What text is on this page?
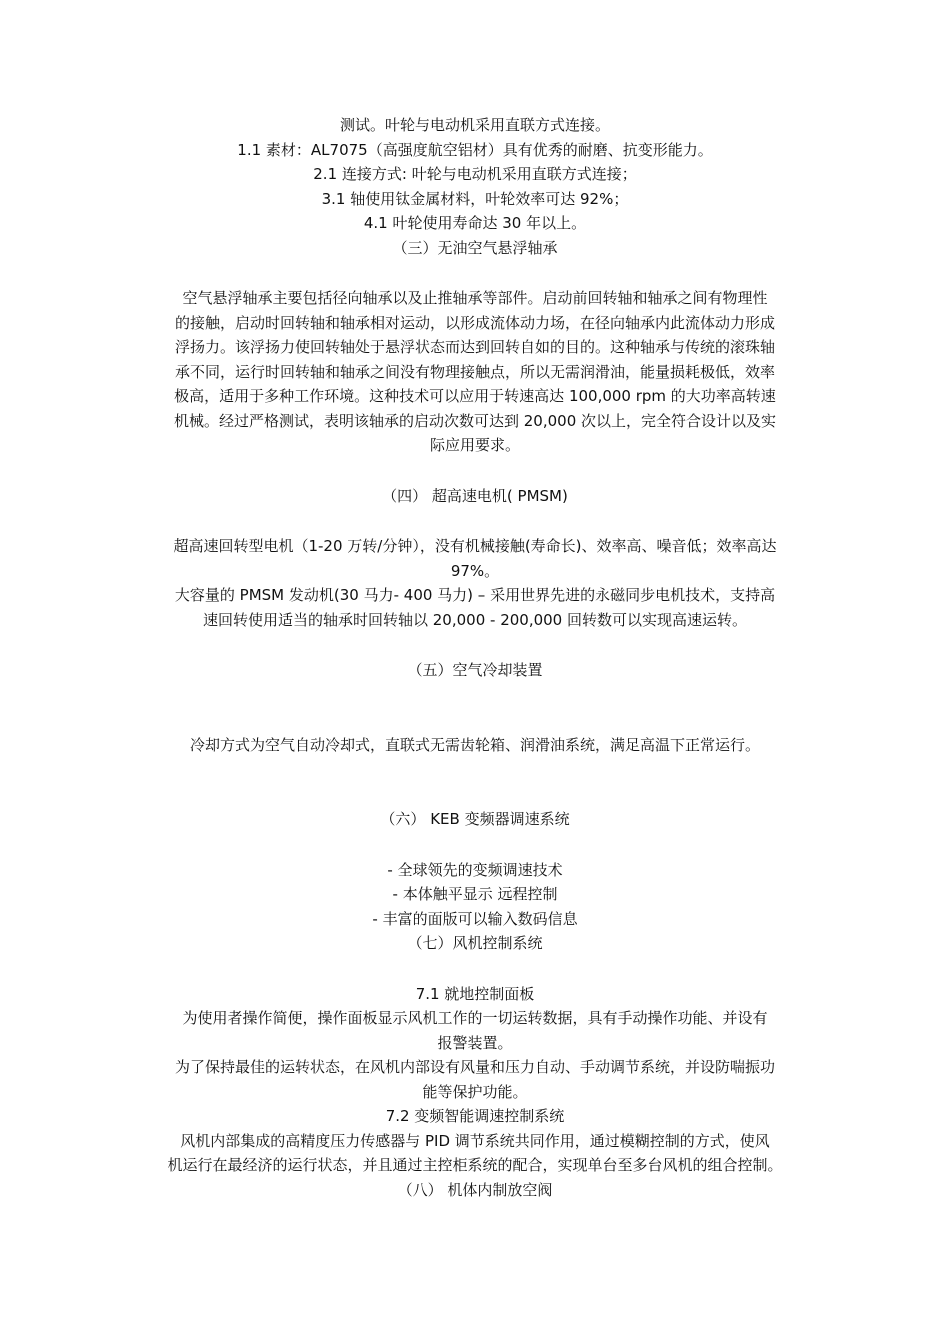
测试。叶轮与电动机采用直联方式连接。
1.1 素材：AL7075（高强度航空铝材）具有优秀的耐磨、抗变形能力。
2.1 连接方式: 叶轮与电动机采用直联方式连接；
3.1 轴使用钛金属材料，叶轮效率可达 92%；
4.1 叶轮使用寿命达 30 年以上。
（三）无油空气悬浮轴承
空气悬浮轴承主要包括径向轴承以及止推轴承等部件。启动前回转轴和轴承之间有物理性
的接触，启动时回转轴和轴承相对运动，以形成流体动力场，在径向轴承内此流体动力形成
浮扬力。该浮扬力使回转轴处于悬浮状态而达到回转自如的目的。这种轴承与传统的滚珠轴
承不同，运行时回转轴和轴承之间没有物理接触点，所以无需润滑油，能量损耗极低，效率
极高，适用于多种工作环境。这种技术可以应用于转速高达 100,000 rpm 的大功率高转速
机械。经过严格测试，表明该轴承的启动次数可达到 20,000 次以上，完全符合设计以及实
际应用要求。
（四） 超高速电机( PMSM)
超高速回转型电机（1-20 万转/分钟），没有机械接触(寿命长)、效率高、噪音低；效率高达
97%。
大容量的 PMSM 发动机(30 马力- 400 马力) – 采用世界先进的永磁同步电机技术，支持高
速回转使用适当的轴承时回转轴以 20,000 - 200,000 回转数可以实现高速运转。
（五）空气冷却装置
冷却方式为空气自动冷却式，直联式无需齿轮箱、润滑油系统，满足高温下正常运行。
（六） KEB 变频器调速系统
- 全球领先的变频调速技术
- 本体触平显示 远程控制
- 丰富的面版可以输入数码信息
（七）风机控制系统
7.1 就地控制面板
为使用者操作简便，操作面板显示风机工作的一切运转数据，具有手动操作功能、并设有
报警装置。
为了保持最佳的运转状态，在风机内部设有风量和压力自动、手动调节系统，并设防喘振功
能等保护功能。
7.2 变频智能调速控制系统
风机内部集成的高精度压力传感器与 PID 调节系统共同作用，通过模糊控制的方式，使风
机运行在最经济的运行状态，并且通过主控柜系统的配合，实现单台至多台风机的组合控制。
（八） 机体内制放空阀
